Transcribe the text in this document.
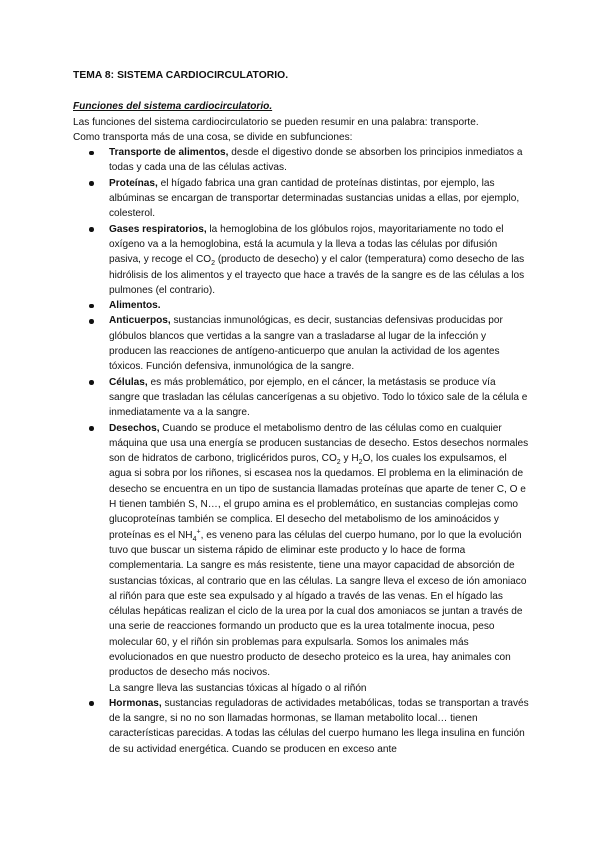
TEMA 8: SISTEMA CARDIOCIRCULATORIO.

Funciones del sistema cardiocirculatorio.

Las funciones del sistema cardiocirculatorio se pueden resumir en una palabra: transporte.

Como transporta más de una cosa, se divide en subfunciones:

Transporte de alimentos, desde el digestivo donde se absorben los principios inmediatos a todas y cada una de las células activas.
Proteínas, el hígado fabrica una gran cantidad de proteínas distintas, por ejemplo, las albúminas se encargan de transportar determinadas sustancias unidas a ellas, por ejemplo, colesterol.
Gases respiratorios, la hemoglobina de los glóbulos rojos, mayoritariamente no todo el oxígeno va a la hemoglobina, está la acumula y la lleva a todas las células por difusión pasiva, y recoge el $CO_2$ (producto de desecho) y el calor (temperatura) como desecho de las hidrólisis de los alimentos y el trayecto que hace a través de la sangre es de las células a los pulmones (el contrario).
Alimentos.
Anticuerpos, sustancias inmunológicas, es decir, sustancias defensivas producidas por glóbulos blancos que vertidas a la sangre van a trasladarse al lugar de la infección y producen las reacciones de antígeno-anticuerpo que anulan la actividad de los agentes tóxicos. Función defensiva, inmunológica de la sangre.
Células, es más problemático, por ejemplo, en el cáncer, la metástasis se produce vía sangre que trasladan las células cancerígenas a su objetivo. Todo lo tóxico sale de la célula e inmediatamente va a la sangre.
Desechos, Cuando se produce el metabolismo dentro de las células como en cualquier máquina que usa una energía se producen sustancias de desecho. Estos desechos normales son de hidratos de carbono, triglicéridos puros, $CO_2$ y $H_2O$, los cuales los expulsamos, el agua si sobra por los riñones, si escasea nos la quedamos. El problema en la eliminación de desecho se encuentra en un tipo de sustancia llamadas proteínas que aparte de tener C, O e H tienen también S, N…, el grupo amina es el problemático, en sustancias complejas como glucoproteínas también se complica. El desecho del metabolismo de los aminoácidos y proteínas es el $NH_4^+$, es veneno para las células del cuerpo humano, por lo que la evolución tuvo que buscar un sistema rápido de eliminar este producto y lo hace de forma complementaria. La sangre es más resistente, tiene una mayor capacidad de absorción de sustancias tóxicas, al contrario que en las células. La sangre lleva el exceso de ión amoniaco al riñón para que este sea expulsado y al hígado a través de las venas. En el hígado las células hepáticas realizan el ciclo de la urea por la cual dos amoniacos se juntan a través de una serie de reacciones formando un producto que es la urea totalmente inocua, peso molecular 60, y el riñón sin problemas para expulsarla. Somos los animales más evolucionados en que nuestro producto de desecho proteico es la urea, hay animales con productos de desecho más nocivos.
La sangre lleva las sustancias tóxicas al hígado o al riñón
Hormonas, sustancias reguladoras de actividades metabólicas, todas se transportan a través de la sangre, si no no son llamadas hormonas, se llaman metabolito local… tienen características parecidas. A todas las células del cuerpo humano les llega insulina en función de su actividad energética. Cuando se producen en exceso ante
